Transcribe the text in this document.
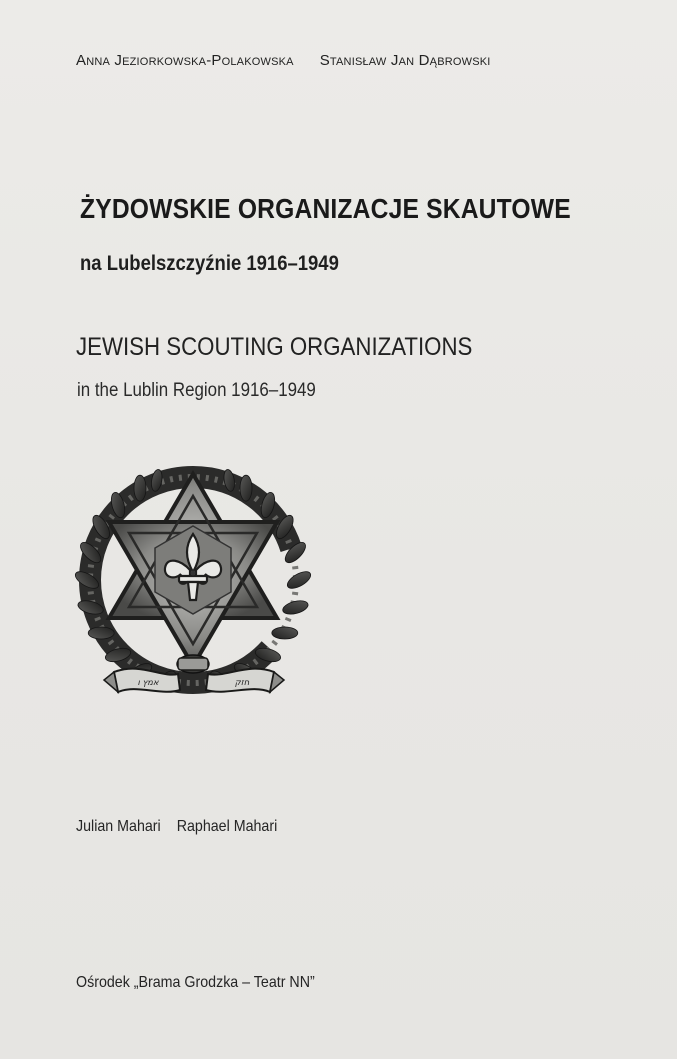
Anna Jeziorkowska-Polakowska Stanisław Jan Dąbrowski
ŻYDOWSKIE ORGANIZACJE SKAUTOWE
na Lubelszczyźnie 1916–1949
JEWISH SCOUTING ORGANIZATIONS
in the Lublin Region 1916–1949
אמץ ו	חזק
Julian Mahari Raphael Mahari
Ośrodek „Brama Grodzka – Teatr NN”
